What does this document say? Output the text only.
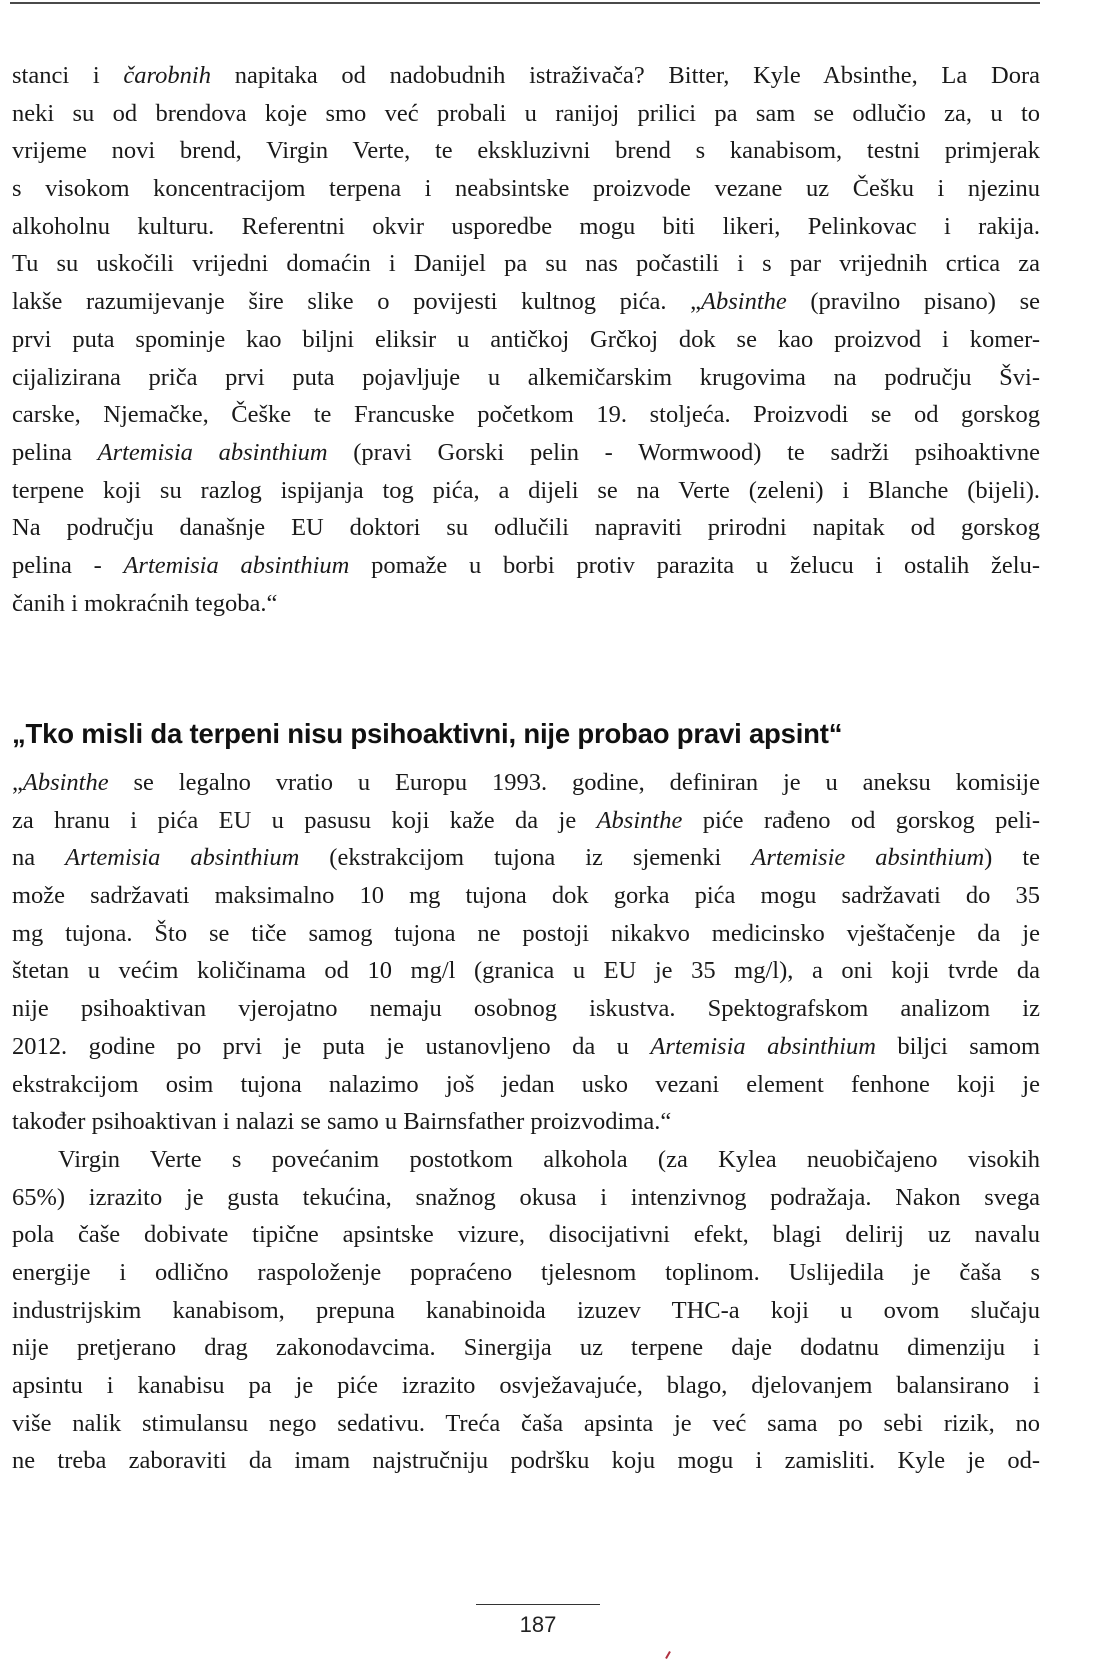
stanci i čarobnih napitaka od nadobudnih istraživača? Bitter, Kyle Absinthe, La Dora
neki su od brendova koje smo već probali u ranijoj prilici pa sam se odlučio za, u to
vrijeme novi brend, Virgin Verte, te ekskluzivni brend s kanabisom, testni primjerak
s visokom koncentracijom terpena i neabsintske proizvode vezane uz Češku i njezinu
alkoholnu kulturu. Referentni okvir usporedbe mogu biti likeri, Pelinkovac i rakija.
Tu su uskočili vrijedni domaćin i Danijel pa su nas počastili i s par vrijednih crtica za
lakše razumijevanje šire slike o povijesti kultnog pića. „Absinthe (pravilno pisano) se
prvi puta spominje kao biljni eliksir u antičkoj Grčkoj dok se kao proizvod i komer-
cijalizirana priča prvi puta pojavljuje u alkemičarskim krugovima na području Švi-
carske, Njemačke, Češke te Francuske početkom 19. stoljeća. Proizvodi se od gorskog
pelina Artemisia absinthium (pravi Gorski pelin - Wormwood) te sadrži psihoaktivne
terpene koji su razlog ispijanja tog pića, a dijeli se na Verte (zeleni) i Blanche (bijeli).
Na području današnje EU doktori su odlučili napraviti prirodni napitak od gorskog
pelina - Artemisia absinthium pomaže u borbi protiv parazita u želucu i ostalih želu-
čanih i mokraćnih tegoba.“
„Tko misli da terpeni nisu psihoaktivni, nije probao pravi apsint“
„Absinthe se legalno vratio u Europu 1993. godine, definiran je u aneksu komisije
za hranu i pića EU u pasusu koji kaže da je Absinthe piće rađeno od gorskog peli-
na Artemisia absinthium (ekstrakcijom tujona iz sjemenki Artemisie absinthium) te
može sadržavati maksimalno 10 mg tujona dok gorka pića mogu sadržavati do 35
mg tujona. Što se tiče samog tujona ne postoji nikakvo medicinsko vještačenje da je
štetan u većim količinama od 10 mg/l (granica u EU je 35 mg/l), a oni koji tvrde da
nije psihoaktivan vjerojatno nemaju osobnog iskustva. Spektografskom analizom iz
2012. godine po prvi je puta je ustanovljeno da u Artemisia absinthium biljci samom
ekstrakcijom osim tujona nalazimo još jedan usko vezani element fenhone koji je
također psihoaktivan i nalazi se samo u Bairnsfather proizvodima.“
Virgin Verte s povećanim postotkom alkohola (za Kylea neuobičajeno visokih
65%) izrazito je gusta tekućina, snažnog okusa i intenzivnog podražaja. Nakon svega
pola čaše dobivate tipične apsintske vizure, disocijativni efekt, blagi delirij uz navalu
energije i odlično raspoloženje popraćeno tjelesnom toplinom. Uslijedila je čaša s
industrijskim kanabisom, prepuna kanabinoida izuzev THC-a koji u ovom slučaju
nije pretjerano drag zakonodavcima. Sinergija uz terpene daje dodatnu dimenziju i
apsintu i kanabisu pa je piće izrazito osvježavajuće, blago, djelovanjem balansirano i
više nalik stimulansu nego sedativu. Treća čaša apsinta je već sama po sebi rizik, no
ne treba zaboraviti da imam najstručniju podršku koju mogu i zamisliti. Kyle je od-
187
